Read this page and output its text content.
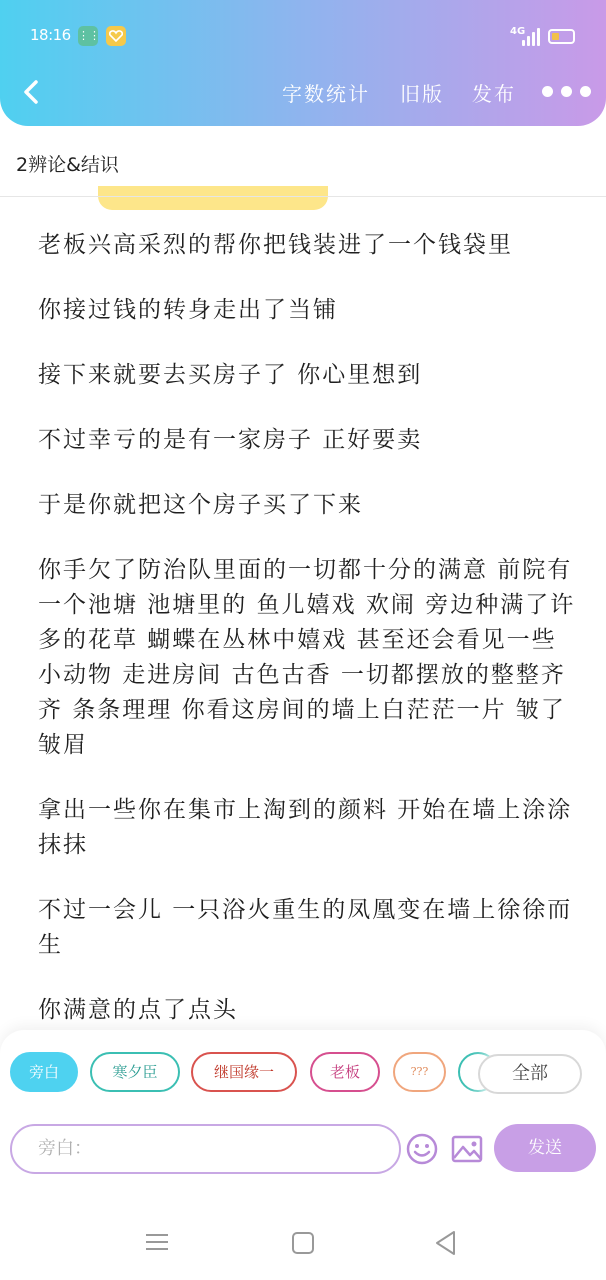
18:16 ⋮⋮	4G
字数统计 旧版 发布
2辨论&结识

老板兴高采烈的帮你把钱装进了一个钱袋里

你接过钱的转身走出了当铺

接下来就要去买房子了 你心里想到

不过幸亏的是有一家房子 正好要卖

于是你就把这个房子买了下来

你手欠了防治队里面的一切都十分的满意 前院有一个池塘 池塘里的 鱼儿嬉戏 欢闹 旁边种满了许多的花草 蝴蝶在丛林中嬉戏 甚至还会看见一些小动物 走进房间 古色古香 一切都摆放的整整齐齐 条条理理 你看这房间的墙上白茫茫一片 皱了皱眉

拿出一些你在集市上淘到的颜料 开始在墙上涂涂抹抹

不过一会儿 一只浴火重生的凤凰变在墙上徐徐而生

你满意的点了点头

旁白	寒夕臣	继国缘一	老板	???	全部
旁白：	发送
